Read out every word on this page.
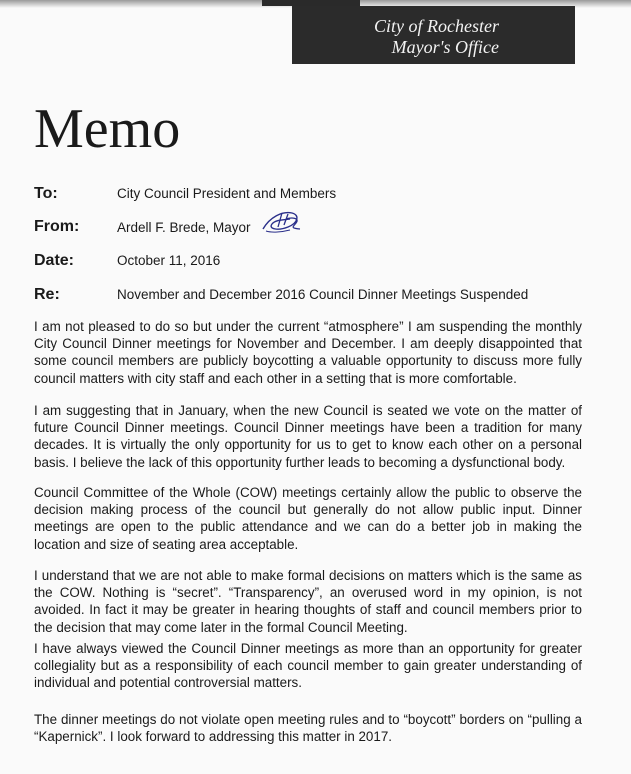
City of Rochester
Mayor's Office
Memo
To:	City Council President and Members
From:	Ardell F. Brede, Mayor
Date:	October 11, 2016
Re:	November and December 2016 Council Dinner Meetings Suspended
I am not pleased to do so but under the current “atmosphere” I am suspending the monthly City Council Dinner meetings for November and December. I am deeply disappointed that some council members are publicly boycotting a valuable opportunity to discuss more fully council matters with city staff and each other in a setting that is more comfortable.
I am suggesting that in January, when the new Council is seated we vote on the matter of future Council Dinner meetings. Council Dinner meetings have been a tradition for many decades. It is virtually the only opportunity for us to get to know each other on a personal basis. I believe the lack of this opportunity further leads to becoming a dysfunctional body.
Council Committee of the Whole (COW) meetings certainly allow the public to observe the decision making process of the council but generally do not allow public input. Dinner meetings are open to the public attendance and we can do a better job in making the location and size of seating area acceptable.
I understand that we are not able to make formal decisions on matters which is the same as the COW. Nothing is “secret”. “Transparency”, an overused word in my opinion, is not avoided. In fact it may be greater in hearing thoughts of staff and council members prior to the decision that may come later in the formal Council Meeting.
I have always viewed the Council Dinner meetings as more than an opportunity for greater collegiality but as a responsibility of each council member to gain greater understanding of individual and potential controversial matters.
The dinner meetings do not violate open meeting rules and to “boycott” borders on “pulling a “Kapernick”. I look forward to addressing this matter in 2017.
